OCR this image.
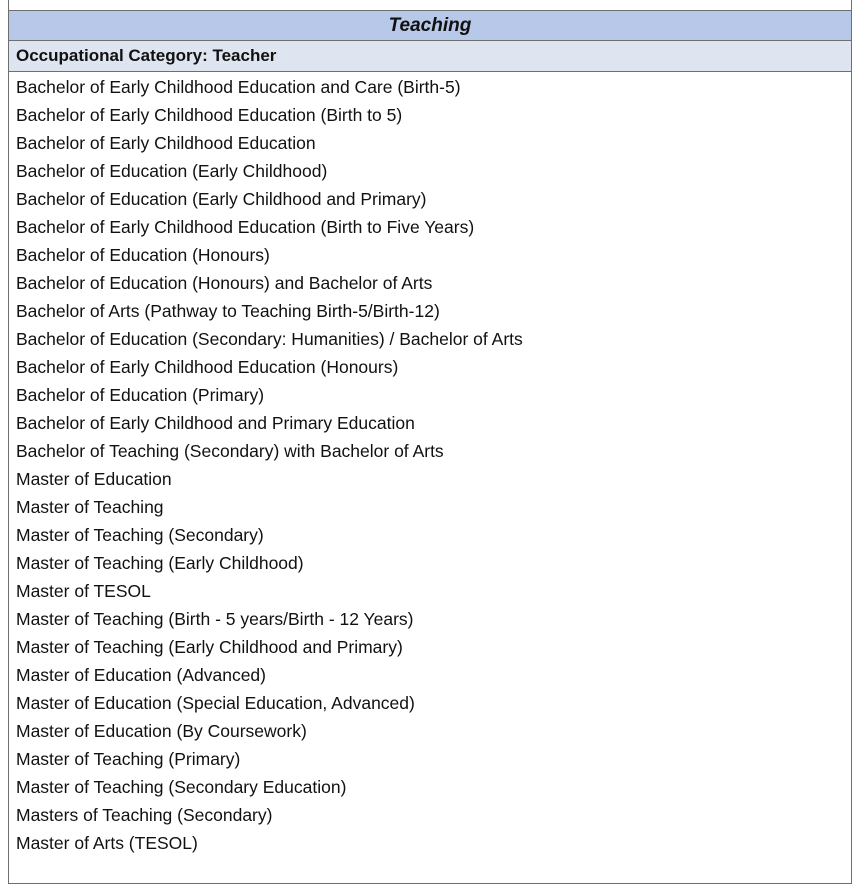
Teaching
Occupational Category: Teacher
Bachelor of Early Childhood Education and Care (Birth-5)
Bachelor of Early Childhood Education (Birth to 5)
Bachelor of Early Childhood Education
Bachelor of Education (Early Childhood)
Bachelor of Education (Early Childhood and Primary)
Bachelor of Early Childhood Education (Birth to Five Years)
Bachelor of Education (Honours)
Bachelor of Education (Honours) and Bachelor of Arts
Bachelor of Arts (Pathway to Teaching Birth-5/Birth-12)
Bachelor of Education (Secondary: Humanities) / Bachelor of Arts
Bachelor of Early Childhood Education (Honours)
Bachelor of Education (Primary)
Bachelor of Early Childhood and Primary Education
Bachelor of Teaching (Secondary) with Bachelor of Arts
Master of Education
Master of Teaching
Master of Teaching (Secondary)
Master of Teaching (Early Childhood)
Master of TESOL
Master of Teaching (Birth - 5 years/Birth - 12 Years)
Master of Teaching (Early Childhood and Primary)
Master of Education (Advanced)
Master of Education (Special Education, Advanced)
Master of Education (By Coursework)
Master of Teaching (Primary)
Master of Teaching (Secondary Education)
Masters of Teaching (Secondary)
Master of Arts (TESOL)
